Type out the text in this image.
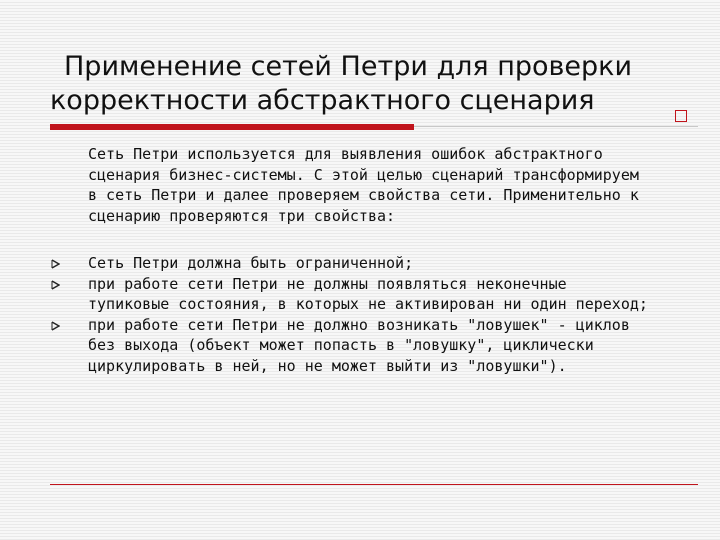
Применение сетей Петри для проверки
корректности абстрактного сценария

Сеть Петри используется для выявления ошибок абстрактного сценария бизнес-системы. С этой целью сценарий трансформируем в сеть Петри и далее проверяем свойства сети. Применительно к сценарию проверяются три свойства:

Сеть Петри должна быть ограниченной;
при работе сети Петри не должны появляться неконечные тупиковые состояния, в которых не активирован ни один переход;
при работе сети Петри не должно возникать "ловушек" - циклов без выхода (объект может попасть в "ловушку", циклически циркулировать в ней, но не может выйти из "ловушки").
